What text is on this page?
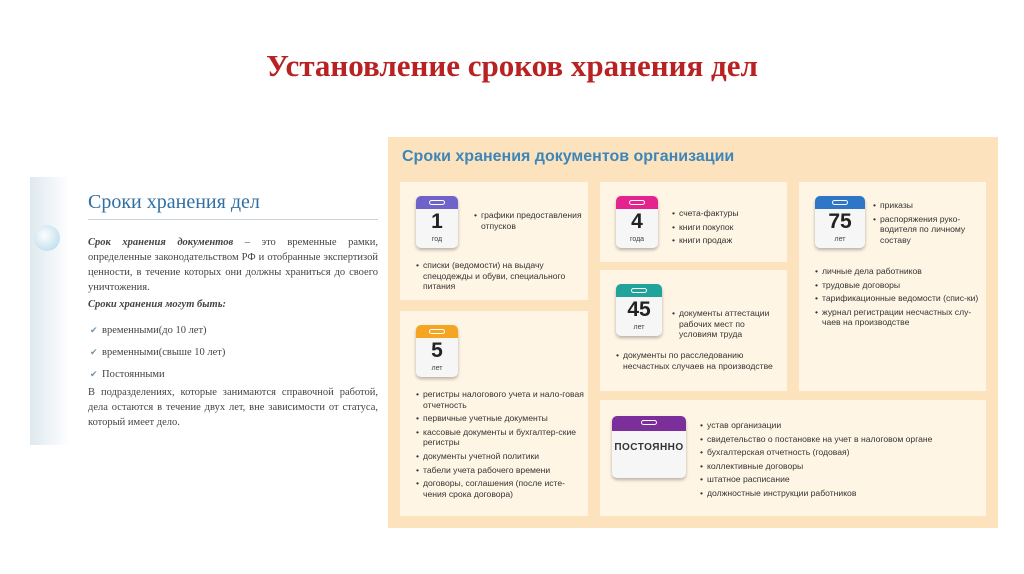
Установление сроков хранения дел
Сроки хранения дел

Срок хранения документов – это временные рамки, определенные законодательством РФ и отобранные экспертизой ценности, в течение которых они должны храниться до своего уничтожения.

Сроки хранения могут быть:
✔ временными(до 10 лет)
✔ временными(свыше 10 лет)
✔ Постоянными

В подразделениях, которые занимаются справочной работой, дела остаются в течение двух лет, вне зависимости от статуса, который имеет дело.

Сроки хранения документов организации
1
год
• графики предоставления отпусков
• списки (ведомости) на выдачу спецодежды и обуви, специального питания
4
года
• счета-фактуры
• книги покупок
• книги продаж
75
лет
• приказы
• распоряжения руко-водителя по личному составу
• личные дела работников
• трудовые договоры
• тарификационные ведомости (спис-ки)
• журнал регистрации несчастных слу-чаев на производстве
45
лет
• документы аттестации рабочих мест по условиям труда
• документы по расследованию несчастных случаев на производстве
5
лет
• регистры налогового учета и нало-говая отчетность
• первичные учетные документы
• кассовые документы и бухгалтер-ские регистры
• документы учетной политики
• табели учета рабочего времени
• договоры, соглашения (после исте-чения срока договора)
ПОСТОЯННО
• устав организации
• свидетельство о постановке на учет в налоговом органе
• бухгалтерская отчетность (годовая)
• коллективные договоры
• штатное расписание
• должностные инструкции работников
